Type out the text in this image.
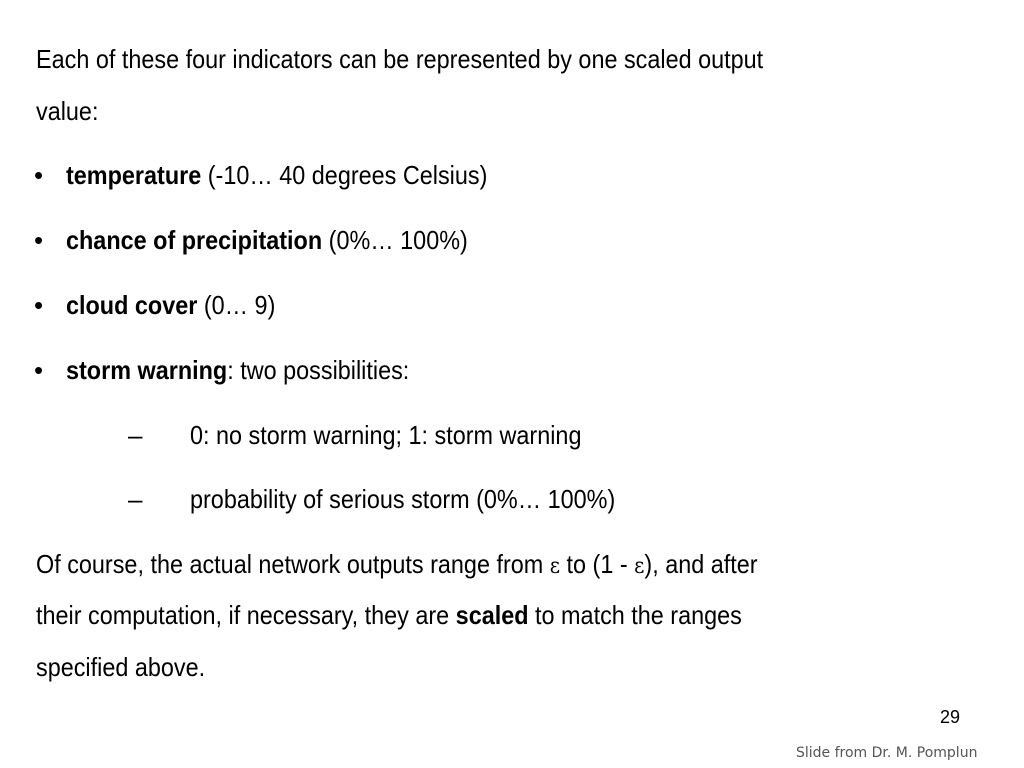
Each of these four indicators can be represented by one scaled output
value:
• temperature (-10… 40 degrees Celsius)
• chance of precipitation (0%… 100%)
• cloud cover (0… 9)
• storm warning: two possibilities:
– 0: no storm warning; 1: storm warning
– probability of serious storm (0%… 100%)
Of course, the actual network outputs range from ε to (1 - ε), and after
their computation, if necessary, they are scaled to match the ranges
specified above.
29
Slide from Dr. M. Pomplun
